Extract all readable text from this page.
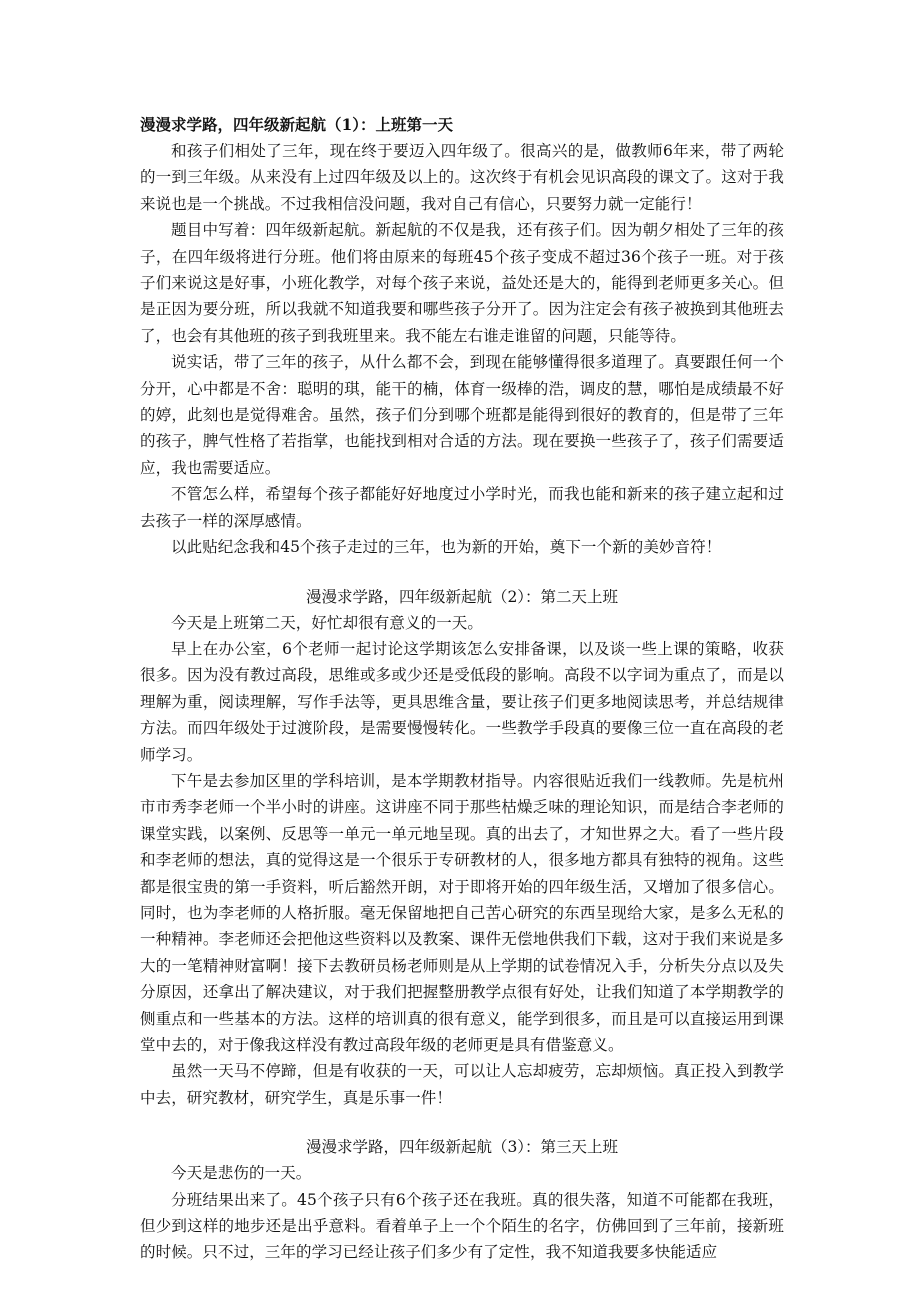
漫漫求学路，四年级新起航（1）：上班第一天

和孩子们相处了三年，现在终于要迈入四年级了。很高兴的是，做教师6年来，带了两轮的一到三年级。从来没有上过四年级及以上的。这次终于有机会见识高段的课文了。这对于我来说也是一个挑战。不过我相信没问题，我对自己有信心，只要努力就一定能行！

题目中写着：四年级新起航。新起航的不仅是我，还有孩子们。因为朝夕相处了三年的孩子，在四年级将进行分班。他们将由原来的每班45个孩子变成不超过36个孩子一班。对于孩子们来说这是好事，小班化教学，对每个孩子来说，益处还是大的，能得到老师更多关心。但是正因为要分班，所以我就不知道我要和哪些孩子分开了。因为注定会有孩子被换到其他班去了，也会有其他班的孩子到我班里来。我不能左右谁走谁留的问题，只能等待。

说实话，带了三年的孩子，从什么都不会，到现在能够懂得很多道理了。真要跟任何一个分开，心中都是不舍：聪明的琪，能干的楠，体育一级棒的浩，调皮的慧，哪怕是成绩最不好的婷，此刻也是觉得难舍。虽然，孩子们分到哪个班都是能得到很好的教育的，但是带了三年的孩子，脾气性格了若指掌，也能找到相对合适的方法。现在要换一些孩子了，孩子们需要适应，我也需要适应。

不管怎么样，希望每个孩子都能好好地度过小学时光，而我也能和新来的孩子建立起和过去孩子一样的深厚感情。

以此贴纪念我和45个孩子走过的三年，也为新的开始，奠下一个新的美妙音符！

漫漫求学路，四年级新起航（2）：第二天上班

今天是上班第二天，好忙却很有意义的一天。

早上在办公室，6个老师一起讨论这学期该怎么安排备课，以及谈一些上课的策略，收获很多。因为没有教过高段，思维或多或少还是受低段的影响。高段不以字词为重点了，而是以理解为重，阅读理解，写作手法等，更具思维含量，要让孩子们更多地阅读思考，并总结规律方法。而四年级处于过渡阶段，是需要慢慢转化。一些教学手段真的要像三位一直在高段的老师学习。

下午是去参加区里的学科培训，是本学期教材指导。内容很贴近我们一线教师。先是杭州市市秀李老师一个半小时的讲座。这讲座不同于那些枯燥乏味的理论知识，而是结合李老师的课堂实践，以案例、反思等一单元一单元地呈现。真的出去了，才知世界之大。看了一些片段和李老师的想法，真的觉得这是一个很乐于专研教材的人，很多地方都具有独特的视角。这些都是很宝贵的第一手资料，听后豁然开朗，对于即将开始的四年级生活，又增加了很多信心。同时，也为李老师的人格折服。毫无保留地把自己苦心研究的东西呈现给大家，是多么无私的一种精神。李老师还会把他这些资料以及教案、课件无偿地供我们下载，这对于我们来说是多大的一笔精神财富啊！接下去教研员杨老师则是从上学期的试卷情况入手，分析失分点以及失分原因，还拿出了解决建议，对于我们把握整册教学点很有好处，让我们知道了本学期教学的侧重点和一些基本的方法。这样的培训真的很有意义，能学到很多，而且是可以直接运用到课堂中去的，对于像我这样没有教过高段年级的老师更是具有借鉴意义。

虽然一天马不停蹄，但是有收获的一天，可以让人忘却疲劳，忘却烦恼。真正投入到教学中去，研究教材，研究学生，真是乐事一件！

漫漫求学路，四年级新起航（3）：第三天上班

今天是悲伤的一天。

分班结果出来了。45个孩子只有6个孩子还在我班。真的很失落，知道不可能都在我班，但少到这样的地步还是出乎意料。看着单子上一个个陌生的名字，仿佛回到了三年前，接新班的时候。只不过，三年的学习已经让孩子们多少有了定性，我不知道我要多快能适应
